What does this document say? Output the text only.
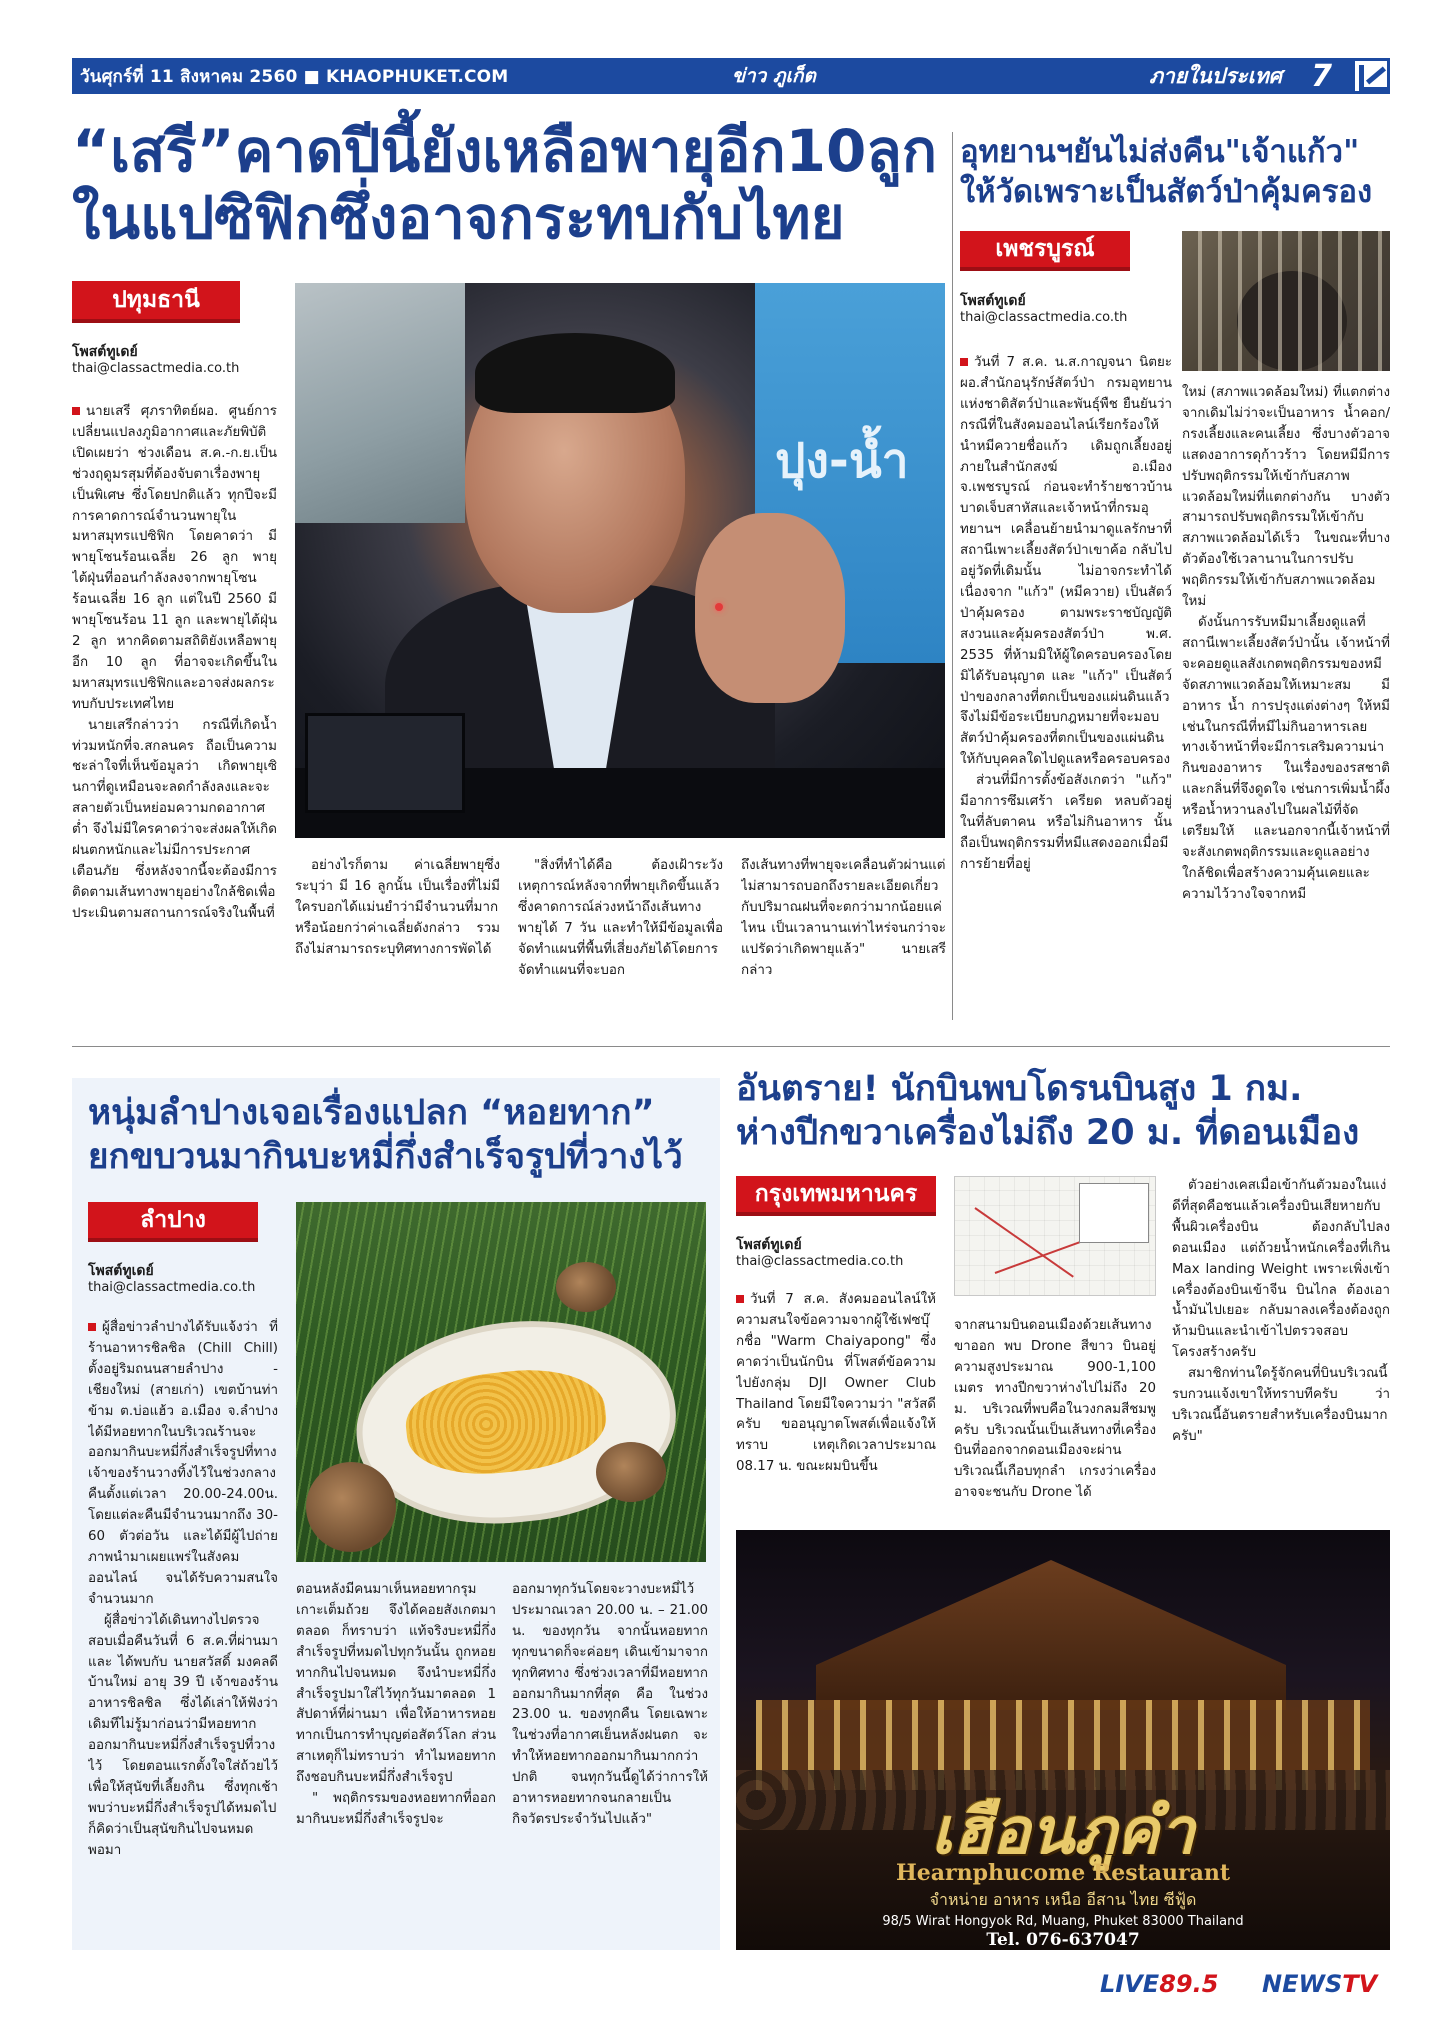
วันศุกร์ที่ 11 สิงหาคม 2560 ■ KHAOPHUKET.COM	ข่าว ภูเก็ต	ภายในประเทศ 7
“เสรี”คาดปีนี้ยังเหลือพายุอีก10ลูก
ในแปซิฟิกซึ่งอาจกระทบกับไทย
ปทุมธานี
โพสต์ทูเดย์
thai@classactmedia.co.th

นายเสรี ศุภราทิตย์ผอ. ศูนย์การเปลี่ยนแปลงภูมิอากาศและภัยพิบัติ เปิดเผยว่า ช่วงเดือน ส.ค.-ก.ย.เป็นช่วงฤดูมรสุมที่ต้องจับตาเรื่องพายุเป็นพิเศษ ซึ่งโดยปกติแล้ว ทุกปีจะมีการคาดการณ์จำนวนพายุในมหาสมุทรแปซิฟิก โดยคาดว่า มีพายุโซนร้อนเฉลี่ย 26 ลูก พายุไต้ฝุ่นที่ออนกำลังลงจากพายุโซนร้อนเฉลี่ย 16 ลูก แต่ในปี 2560 มีพายุโซนร้อน 11 ลูก และพายุไต้ฝุ่น 2 ลูก หากคิดตามสถิติยังเหลือพายุอีก 10 ลูก ที่อาจจะเกิดขึ้นในมหาสมุทรแปซิฟิกและอาจส่งผลกระทบกับประเทศไทย

นายเสรีกล่าวว่า กรณีที่เกิดน้ำท่วมหนักที่จ.สกลนคร ถือเป็นความชะล่าใจที่เห็นข้อมูลว่า เกิดพายุเซินกาที่ดูเหมือนจะลดกำลังลงและจะสลายตัวเป็นหย่อมความกดอากาศต่ำ จึงไม่มีใครคาดว่าจะส่งผลให้เกิดฝนตกหนักและไม่มีการประกาศเตือนภัย ซึ่งหลังจากนี้จะต้องมีการติดตามเส้นทางพายุอย่างใกล้ชิดเพื่อประเมินตามสถานการณ์จริงในพื้นที่

ปุง-น้ำ

อย่างไรก็ตาม ค่าเฉลี่ยพายุซึ่งระบุว่า มี 16 ลูกนั้น เป็นเรื่องที่ไม่มีใครบอกได้แม่นยำว่ามีจำนวนที่มากหรือน้อยกว่าค่าเฉลี่ยดังกล่าว รวมถึงไม่สามารถระบุทิศทางการพัดได้

"สิ่งที่ทำได้คือ ต้องเฝ้าระวังเหตุการณ์หลังจากที่พายุเกิดขึ้นแล้ว ซึ่งคาดการณ์ล่วงหน้าถึงเส้นทางพายุได้ 7 วัน และทำให้มีข้อมูลเพื่อจัดทำแผนที่พื้นที่เสี่ยงภัยได้โดยการจัดทำแผนที่จะบอก

ถึงเส้นทางที่พายุจะเคลื่อนตัวผ่านแต่ไม่สามารถบอกถึงรายละเอียดเกี่ยวกับปริมาณฝนที่จะตกว่ามากน้อยแค่ไหน เป็นเวลานานเท่าไหร่จนกว่าจะแปรัดว่าเกิดพายุแล้ว" นายเสรี กล่าว

อุทยานฯยันไม่ส่งคืน"เจ้าแก้ว"
ให้วัดเพราะเป็นสัตว์ป่าคุ้มครอง
เพชรบูรณ์
โพสต์ทูเดย์
thai@classactmedia.co.th

วันที่ 7 ส.ค. น.ส.กาญจนา นิตยะ ผอ.สำนักอนุรักษ์สัตว์ป่า กรมอุทยานแห่งชาติสัตว์ป่าและพันธุ์พืช ยืนยันว่า กรณีที่ในสังคมออนไลน์เรียกร้องให้นำหมีควายชื่อแก้ว เดิมถูกเลี้ยงอยู่ภายในสำนักสงฆ์ อ.เมือง จ.เพชรบูรณ์ ก่อนจะทำร้ายชาวบ้านบาดเจ็บสาหัสและเจ้าหน้าที่กรมอุทยานฯ เคลื่อนย้ายนำมาดูแลรักษาที่สถานีเพาะเลี้ยงสัตว์ป่าเขาค้อ กลับไปอยู่วัดที่เดิมนั้น ไม่อาจกระทำได้ เนื่องจาก "แก้ว" (หมีควาย) เป็นสัตว์ป่าคุ้มครอง ตามพระราชบัญญัติสงวนและคุ้มครองสัตว์ป่า พ.ศ. 2535 ที่ห้ามมิให้ผู้ใดครอบครองโดยมิได้รับอนุญาต และ "แก้ว" เป็นสัตว์ป่าของกลางที่ตกเป็นของแผ่นดินแล้ว จึงไม่มีข้อระเบียบกฎหมายที่จะมอบสัตว์ป่าคุ้มครองที่ตกเป็นของแผ่นดินให้กับบุคคลใดไปดูแลหรือครอบครอง

ส่วนที่มีการตั้งข้อสังเกตว่า "แก้ว" มีอาการซึมเศร้า เครียด หลบตัวอยู่ในที่ลับตาคน หรือไม่กินอาหาร นั้น ถือเป็นพฤติกรรมที่หมีแสดงออกเมื่อมีการย้ายที่อยู่

ใหม่ (สภาพแวดล้อมใหม่) ที่แตกต่างจากเดิมไม่ว่าจะเป็นอาหาร น้ำคอก/กรงเลี้ยงและคนเลี้ยง ซึ่งบางตัวอาจแสดงอาการดุก้าวร้าว โดยหมีมีการปรับพฤติกรรมให้เข้ากับสภาพแวดล้อมใหม่ที่แตกต่างกัน บางตัวสามารถปรับพฤติกรรมให้เข้ากับสภาพแวดล้อมได้เร็ว ในขณะที่บางตัวต้องใช้เวลานานในการปรับพฤติกรรมให้เข้ากับสภาพแวดล้อมใหม่

ดังนั้นการรับหมีมาเลี้ยงดูแลที่สถานีเพาะเลี้ยงสัตว์ป่านั้น เจ้าหน้าที่จะคอยดูแลสังเกตพฤติกรรมของหมี จัดสภาพแวดล้อมให้เหมาะสม มีอาหาร น้ำ การปรุงแต่งต่างๆ ให้หมี เช่นในกรณีที่หมีไม่กินอาหารเลย ทางเจ้าหน้าที่จะมีการเสริมความน่ากินของอาหาร ในเรื่องของรสชาติและกลิ่นที่จึงดูดใจ เช่นการเพิ่มน้ำผึ้งหรือน้ำหวานลงไปในผลไม้ที่จัดเตรียมให้ และนอกจากนี้เจ้าหน้าที่จะสังเกตพฤติกรรมและดูแลอย่างใกล้ชิดเพื่อสร้างความคุ้นเคยและความไว้วางใจจากหมี

หนุ่มลำปางเจอเรื่องแปลก “หอยทาก”
ยกขบวนมากินบะหมี่กึ่งสำเร็จรูปที่วางไว้
ลำปาง
โพสต์ทูเดย์
thai@classactmedia.co.th

ผู้สื่อข่าวลำปางได้รับแจ้งว่า ที่ร้านอาหารชิลชิล (Chill Chill) ตั้งอยู่ริมถนนสายลำปาง - เชียงใหม่ (สายเก่า) เขตบ้านท่าข้าม ต.บ่อแฮ้ว อ.เมือง จ.ลำปาง ได้มีหอยทากในบริเวณร้านจะออกมากินบะหมี่กึ่งสำเร็จรูปที่ทางเจ้าของร้านวางทิ้งไว้ในช่วงกลางคืนตั้งแต่เวลา 20.00-24.00น. โดยแต่ละคืนมีจำนวนมากถึง 30-60 ตัวต่อวัน และได้มีผู้ไปถ่ายภาพนำมาเผยแพร่ในสังคมออนไลน์ จนได้รับความสนใจจำนวนมาก

ผู้สื่อข่าวได้เดินทางไปตรวจสอบเมื่อคืนวันที่ 6 ส.ค.ที่ผ่านมา และ ได้พบกับ นายสวัสดิ์ มงคลดี บ้านใหม่ อายุ 39 ปี เจ้าของร้านอาหารชิลชิล ซึ่งได้เล่าให้ฟังว่า เดิมทีไม่รู้มาก่อนว่ามีหอยทากออกมากินบะหมี่กึ่งสำเร็จรูปที่วางไว้ โดยตอนแรกตั้งใจใส่ถ้วยไว้เพื่อให้สุนัขที่เลี้ยงกิน ซึ่งทุกเช้าพบว่าบะหมี่กึ่งสำเร็จรูปได้หมดไป ก็คิดว่าเป็นสุนัขกินไปจนหมด พอมา

ตอนหลังมีคนมาเห็นหอยทากรุมเกาะเต็มถ้วย จึงได้คอยสังเกตมาตลอด ก็ทราบว่า แท้จริงบะหมี่กึ่งสำเร็จรูปที่หมดไปทุกวันนั้น ถูกหอยทากกินไปจนหมด จึงนำบะหมี่กึ่งสำเร็จรูปมาใส่ไว้ทุกวันมาตลอด 1 สัปดาห์ที่ผ่านมา เพื่อให้อาหารหอยทากเป็นการทำบุญต่อสัตว์โลก ส่วนสาเหตุก็ไม่ทราบว่า ทำไมหอยทากถึงชอบกินบะหมี่กึ่งสำเร็จรูป

" พฤติกรรมของหอยทากที่ออกมากินบะหมี่กึ่งสำเร็จรูปจะ

ออกมาทุกวันโดยจะวางบะหมี่ไว้ประมาณเวลา 20.00 น. – 21.00 น. ของทุกวัน จากนั้นหอยทากทุกขนาดก็จะค่อยๆ เดินเข้ามาจากทุกทิศทาง ซึ่งช่วงเวลาที่มีหอยทากออกมากินมากที่สุด คือ ในช่วง 23.00 น. ของทุกคืน โดยเฉพาะในช่วงที่อากาศเย็นหลังฝนตก จะทำให้หอยทากออกมากินมากกว่าปกติ จนทุกวันนี้ดูได้ว่าการให้อาหารหอยทากจนกลายเป็นกิจวัตรประจำวันไปแล้ว"

อันตราย! นักบินพบโดรนบินสูง 1 กม.
ห่างปีกขวาเครื่องไม่ถึง 20 ม. ที่ดอนเมือง
กรุงเทพมหานคร
โพสต์ทูเดย์
thai@classactmedia.co.th

วันที่ 7 ส.ค. สังคมออนไลน์ให้ความสนใจข้อความจากผู้ใช้เฟซบุ๊กชื่อ "Warm Chaiyapong" ซึ่งคาดว่าเป็นนักบิน ที่โพสต์ข้อความไปยังกลุ่ม DJI Owner Club Thailand โดยมีใจความว่า "สวัสดีครับ ขออนุญาตโพสต์เพื่อแจ้งให้ทราบ เหตุเกิดเวลาประมาณ 08.17 น. ขณะผมบินขึ้น

จากสนามบินดอนเมืองด้วยเส้นทางขาออก พบ Drone สีขาว บินอยู่ความสูงประมาณ 900-1,100 เมตร ทางปีกขวาห่างไปไม่ถึง 20 ม. บริเวณที่พบคือในวงกลมสีชมพู ครับ บริเวณนั้นเป็นเส้นทางที่เครื่องบินที่ออกจากดอนเมืองจะผ่านบริเวณนี้เกือบทุกลำ เกรงว่าเครื่องอาจจะชนกับ Drone ได้

ตัวอย่างเคสเมื่อเข้ากันตัวมองในแง่ดีที่สุดคือชนแล้วเครื่องบินเสียหายกับพื้นผิวเครื่องบิน ต้องกลับไปลงดอนเมือง แต่ถ้วยน้ำหนักเครื่องที่เกิน Max landing Weight เพราะเพิ่งเข้าเครื่องต้องบินเข้าจีน บินไกล ต้องเอาน้ำมันไปเยอะ กลับมาลงเครื่องต้องถูกห้ามบินและนำเข้าไปตรวจสอบโครงสร้างครับ

สมาชิกท่านใดรู้จักคนที่บินบริเวณนี้รบกวนแจ้งเขาให้ทราบทีครับ ว่าบริเวณนี้อันตรายสำหรับเครื่องบินมากครับ"

เฮือนภูคำ
Hearnphucome Restaurant
จำหน่าย อาหาร เหนือ อีสาน ไทย ซีฟู้ด
98/5 Wirat Hongyok Rd, Muang, Phuket 83000 Thailand
Tel. 076-637047
LIVE89.5 NEWSTV
